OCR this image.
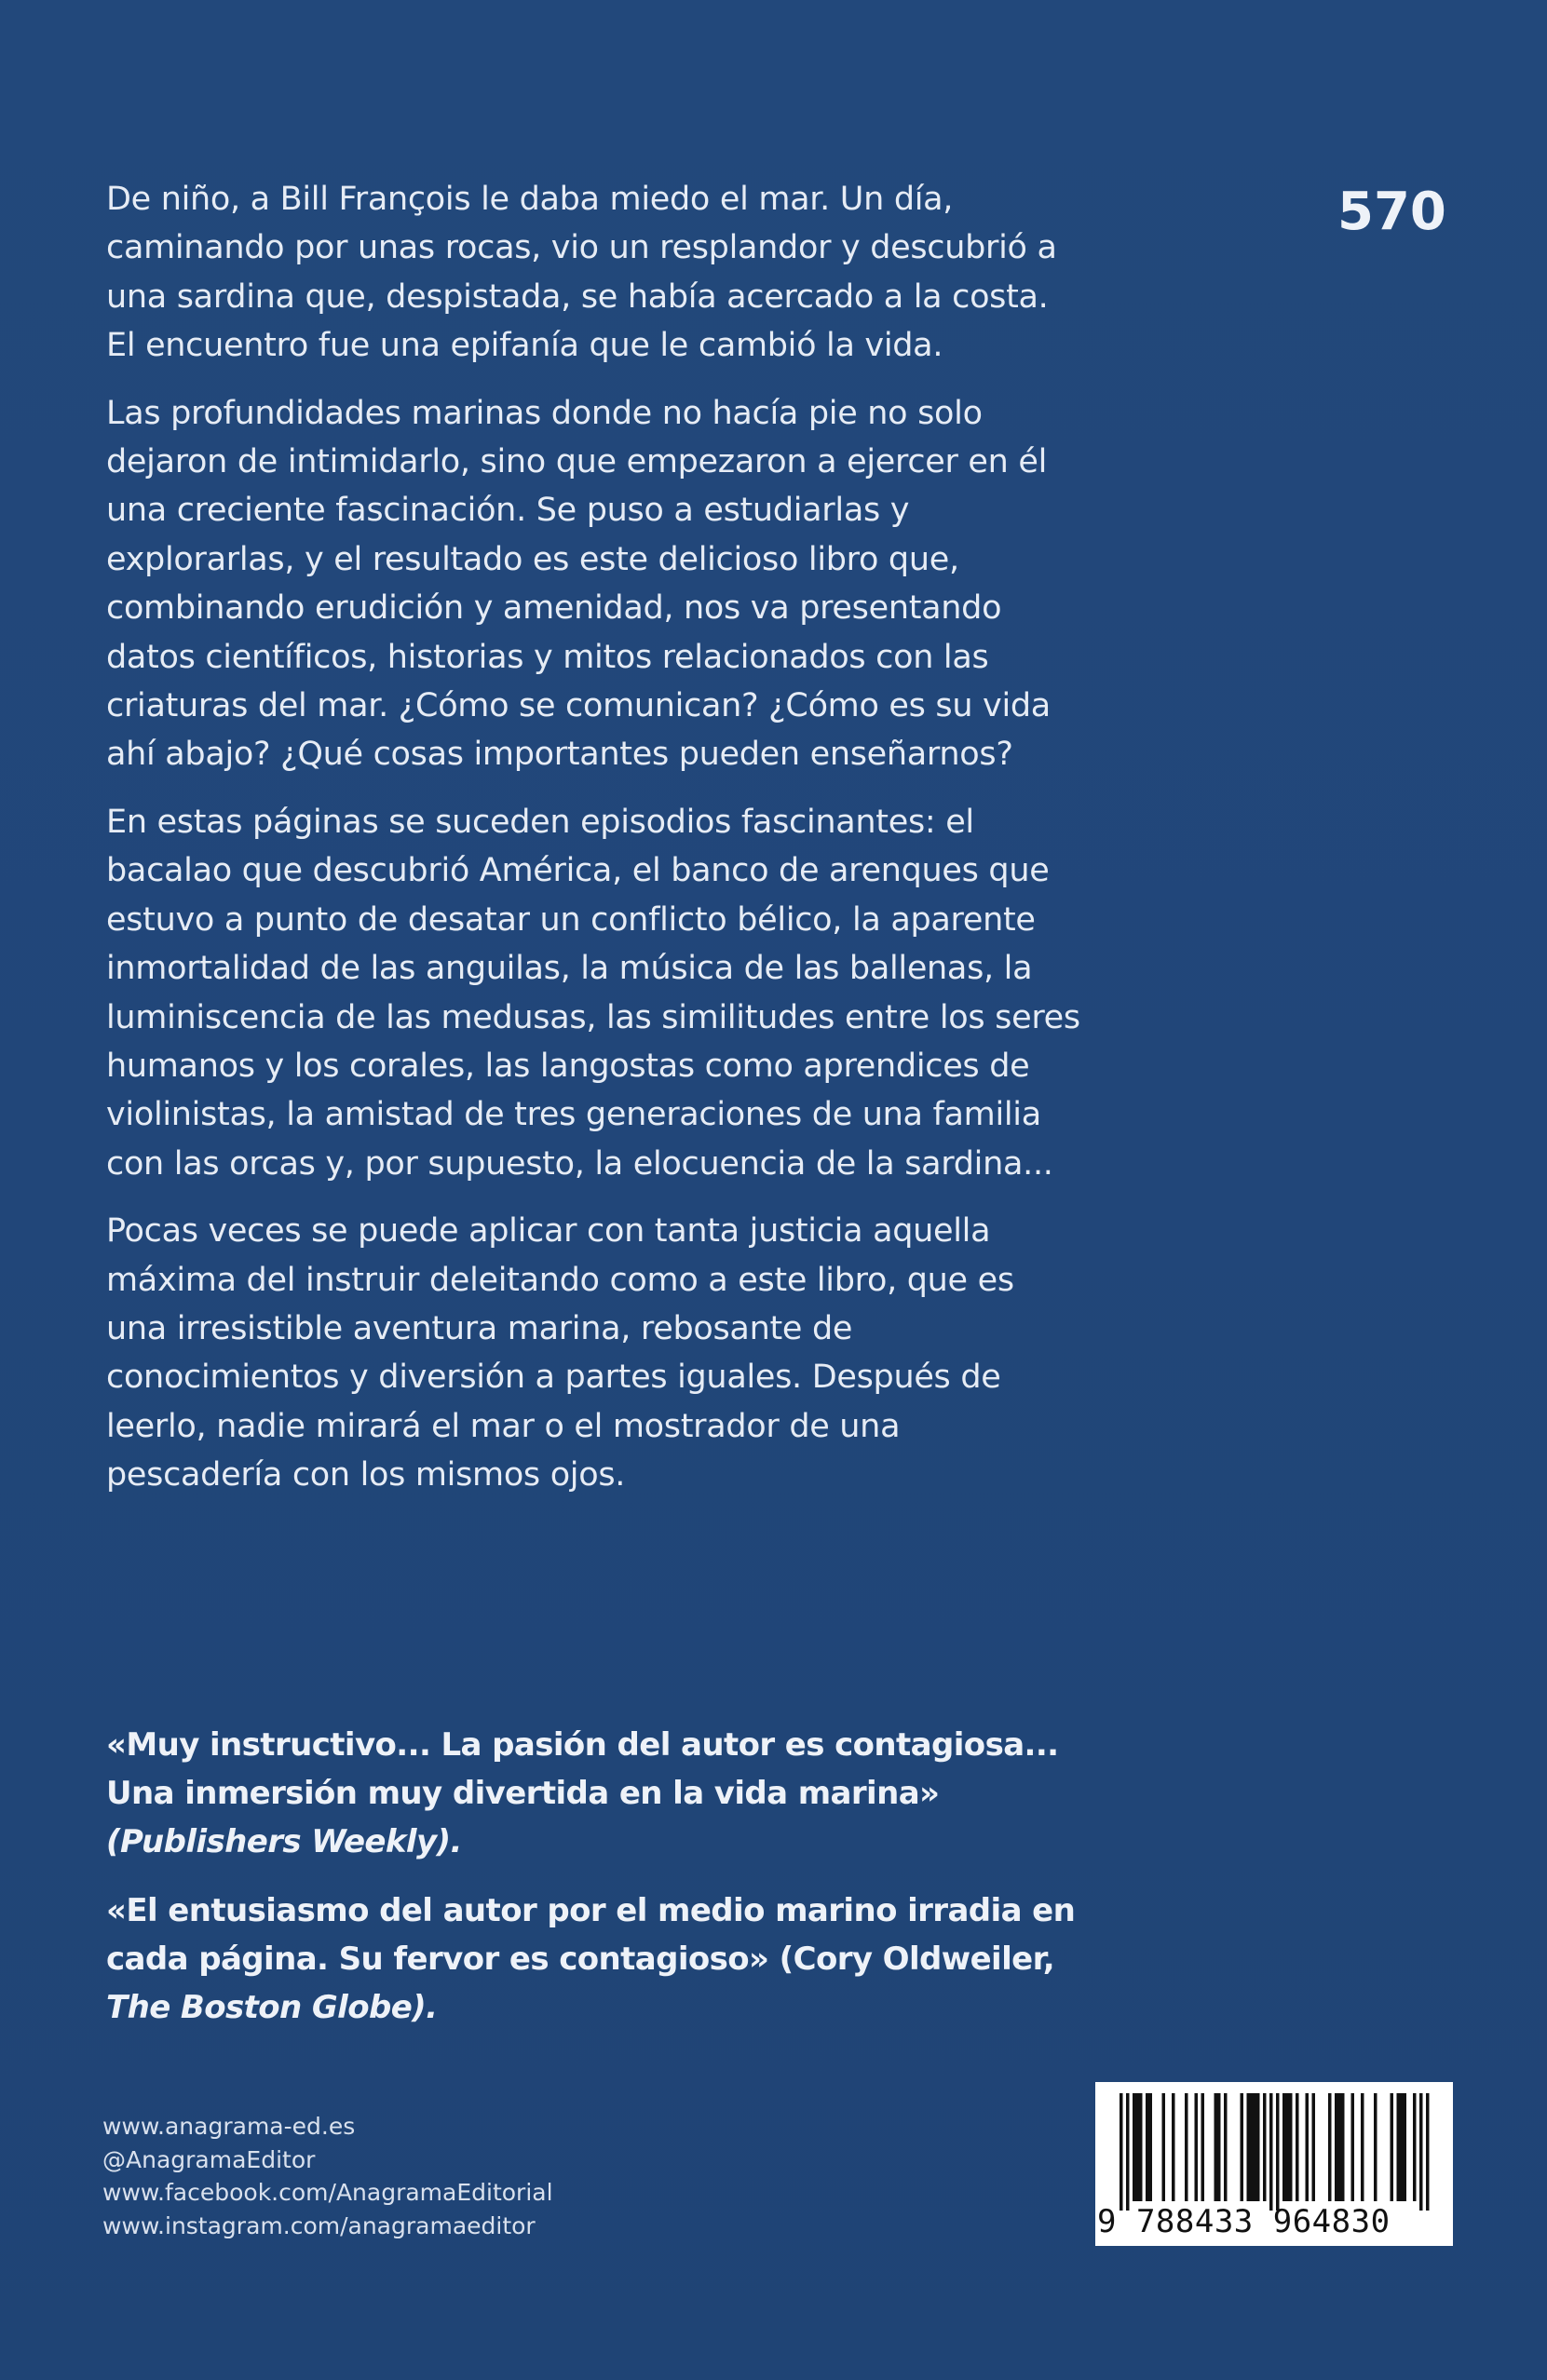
570

De niño, a Bill François le daba miedo el mar. Un día, caminando por unas rocas, vio un resplandor y descubrió a una sardina que, despistada, se había acercado a la costa. El encuentro fue una epifanía que le cambió la vida.

Las profundidades marinas donde no hacía pie no solo dejaron de intimidarlo, sino que empezaron a ejercer en él una creciente fascinación. Se puso a estudiarlas y explorarlas, y el resultado es este delicioso libro que, combinando erudición y amenidad, nos va presentando datos científicos, historias y mitos relacionados con las criaturas del mar. ¿Cómo se comunican? ¿Cómo es su vida ahí abajo? ¿Qué cosas importantes pueden enseñarnos?

En estas páginas se suceden episodios fascinantes: el bacalao que descubrió América, el banco de arenques que estuvo a punto de desatar un conflicto bélico, la aparente inmortalidad de las anguilas, la música de las ballenas, la luminiscencia de las medusas, las similitudes entre los seres humanos y los corales, las langostas como aprendices de violinistas, la amistad de tres generaciones de una familia con las orcas y, por supuesto, la elocuencia de la sardina...

Pocas veces se puede aplicar con tanta justicia aquella máxima del instruir deleitando como a este libro, que es una irresistible aventura marina, rebosante de conocimientos y diversión a partes iguales. Después de leerlo, nadie mirará el mar o el mostrador de una pescadería con los mismos ojos.

«Muy instructivo... La pasión del autor es contagiosa... Una inmersión muy divertida en la vida marina» (Publishers Weekly).

«El entusiasmo del autor por el medio marino irradia en cada página. Su fervor es contagioso» (Cory Oldweiler, The Boston Globe).

www.anagrama-ed.es
@AnagramaEditor
www.facebook.com/AnagramaEditorial
www.instagram.com/anagramaeditor	9 788433 964830
